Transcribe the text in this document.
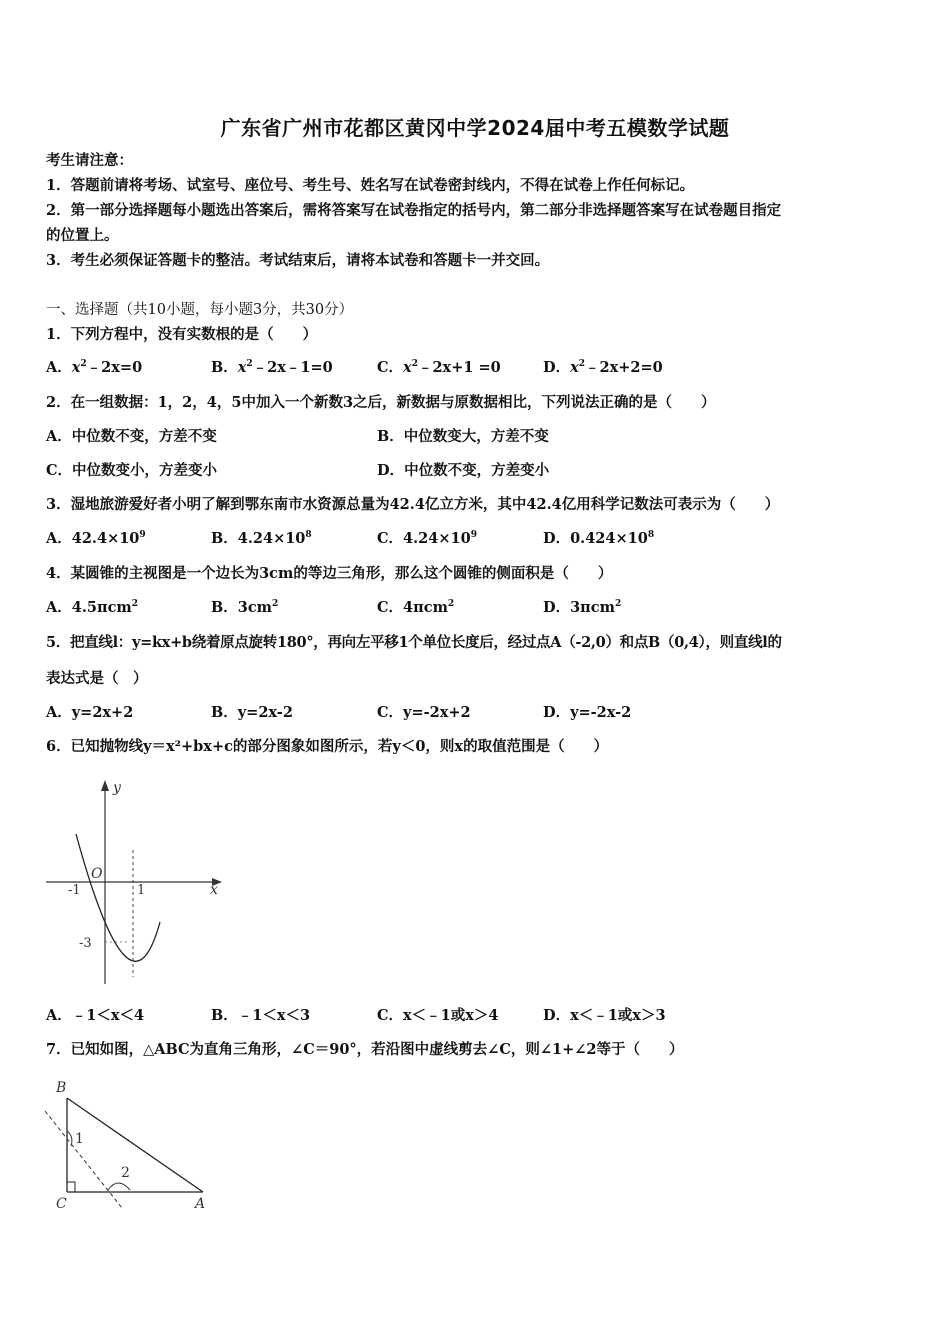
广东省广州市花都区黄冈中学2024届中考五模数学试题
考生请注意：
1．答题前请将考场、试室号、座位号、考生号、姓名写在试卷密封线内，不得在试卷上作任何标记。
2．第一部分选择题每小题选出答案后，需将答案写在试卷指定的括号内，第二部分非选择题答案写在试卷题目指定
的位置上。
3．考生必须保证答题卡的整洁。考试结束后，请将本试卷和答题卡一并交回。
一、选择题（共10小题，每小题3分，共30分）
1．下列方程中，没有实数根的是（　　）
A．$x^2﹣2x=0$	B．$x^2﹣2x﹣1=0$	C．$x^2﹣2x+1 =0$	D．$x^2﹣2x+2=0$
2．在一组数据：1，2，4，5中加入一个新数3之后，新数据与原数据相比，下列说法正确的是（　　）
A．中位数不变，方差不变	B．中位数变大，方差不变
C．中位数变小，方差变小	D．中位数不变，方差变小
3．湿地旅游爱好者小明了解到鄂东南市水资源总量为42.4亿立方米，其中42.4亿用科学记数法可表示为（　　）
A．$42.4\times 10^9$	B．$4.24\times 10^8$	C．$4.24\times 10^9$	D．$0.424\times 10^8$
4．某圆锥的主视图是一个边长为3cm的等边三角形，那么这个圆锥的侧面积是（　　）
A．4.5πcm$^2$	B．$3cm^2$	C．4πcm$^2$	D．3πcm$^2$
5．把直线l：y=kx+b绕着原点旋转180°，再向左平移1个单位长度后，经过点A（-2,0）和点B（0,4），则直线l的
表达式是（　）
A．y=2x+2	B．y=2x-2	C．y=-2x+2	D．y=-2x-2
6．已知抛物线y＝x²+bx+c的部分图象如图所示，若y＜0，则x的取值范围是（　　）
y
x
O
-1	1
-3
A．﹣1＜x＜4	B．﹣1＜x＜3	C．x＜﹣1或x＞4	D．x＜﹣1或x＞3
7．已知如图，△ABC为直角三角形，∠C＝90°，若沿图中虚线剪去∠C，则∠1+∠2等于（　　）
B
C	A
1
2
